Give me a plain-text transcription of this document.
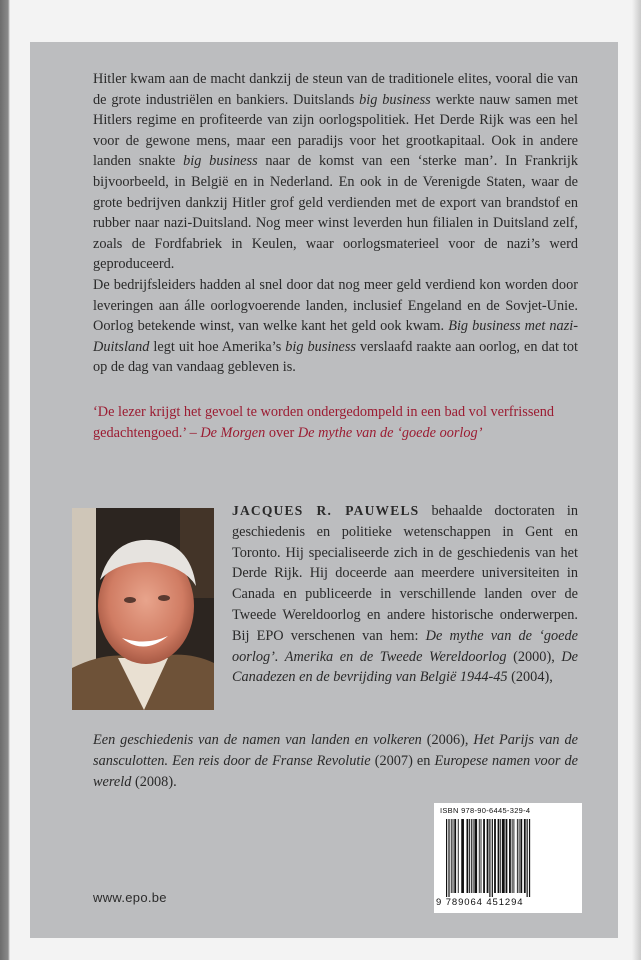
Hitler kwam aan de macht dankzij de steun van de traditionele elites, vooral die van de grote industriëlen en bankiers. Duitslands big business werkte nauw samen met Hitlers regime en profiteerde van zijn oorlogspolitiek. Het Derde Rijk was een hel voor de gewone mens, maar een paradijs voor het grootkapitaal. Ook in andere landen snakte big business naar de komst van een ‘sterke man’. In Frankrijk bijvoorbeeld, in België en in Nederland. En ook in de Verenigde Staten, waar de grote bedrijven dankzij Hitler grof geld verdienden met de export van brandstof en rubber naar nazi-Duitsland. Nog meer winst leverden hun filialen in Duitsland zelf, zoals de Fordfabriek in Keulen, waar oorlogsmaterieel voor de nazi’s werd geproduceerd.

De bedrijfsleiders hadden al snel door dat nog meer geld verdiend kon worden door leveringen aan álle oorlogvoerende landen, inclusief Engeland en de Sovjet-Unie. Oorlog betekende winst, van welke kant het geld ook kwam. Big business met nazi-Duitsland legt uit hoe Amerika’s big business verslaafd raakte aan oorlog, en dat tot op de dag van vandaag gebleven is.

‘De lezer krijgt het gevoel te worden ondergedompeld in een bad vol verfrissend gedachtengoed.’ – De Morgen over De mythe van de ‘goede oorlog’
JACQUES R. PAUWELS behaalde doctoraten in geschiedenis en politieke wetenschappen in Gent en Toronto. Hij specialiseerde zich in de geschiedenis van het Derde Rijk. Hij doceerde aan meerdere universiteiten in Canada en publiceerde in verschillende landen over de Tweede Wereldoorlog en andere historische onderwerpen. Bij EPO verschenen van hem: De mythe van de ‘goede oorlog’. Amerika en de Tweede Wereldoorlog (2000), De Canadezen en de bevrijding van België 1944-45 (2004),
Een geschiedenis van de namen van landen en volkeren (2006), Het Parijs van de sansculotten. Een reis door de Franse Revolutie (2007) en Europese namen voor de wereld (2008).
www.epo.be
ISBN 978-90-6445-329-4
9 789064 451294
